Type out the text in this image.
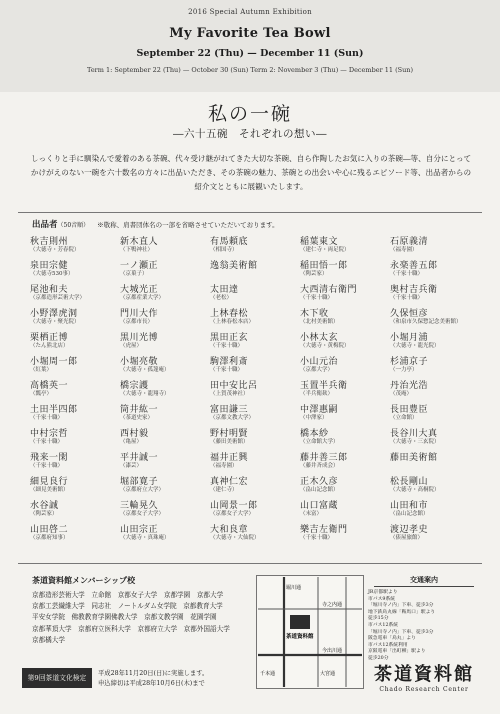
2016 Special Autumn Exhibition
My Favorite Tea Bowl
September 22 (Thu) — December 11 (Sun)
Term 1: September 22 (Thu) — October 30 (Sun) Term 2: November 3 (Thu) — December 11 (Sun)
私の一碗
―六十五碗　それぞれの想い―
しっくりと手に馴染んで愛着のある茶碗、代々受け継がれてきた大切な茶碗、自ら作陶したお気に入りの茶碗―等、自分にとってかけがえのない一碗を六十数名の方々に出品いただき、その茶碗の魅力、茶碗との出会いや心に残るエピソード等、出品者からの紹介文とともに展観いたします。
出品者（50音順） ※敬称、肩書団体名の一部を省略させていただいております。
秋吉則州
（大徳寺・芳春院）
泉田宗健
（大徳寺530事）
尾池和夫
（京都造形芸術大学）
小野澤虎洞
（大徳寺・聚光院）
栗栖正博
（たん熊北店）
小堀周一郎
（紅葉）
高橋英一
（瓢亭）
土田半四郎
（千家十職）
中村宗哲
（千家十職）
飛来一閑
（千家十職）
細見良行
（細見美術館）
水谷誠
（陶芸家）
山田啓二
（京都府知事）
新木直人
（下鴨神社）
一ノ瀬正
（京菓子）
大城光正
（京都産業大学）
門川大作
（京都市長）
黒川光博
（虎屋）
小堀亮敬
（大徳寺・孤篷庵）
橋宗護
（大徳寺・龍翔寺）
筒井紘一
（茶道史家）
西村毅
（亀屋）
平井誠一
（漆芸）
堀部寛子
（京都府立大学）
三輪晃久
（京都女子大学）
山田宗正
（大徳寺・真珠庵）
有馬頼底
（相国寺）
逸翁美術館
太田達
（老松）
上林春松
（上林春松本店）
黒田正玄
（千家十職）
駒澤利斎
（千家十職）
田中安比呂
（上賀茂神社）
富田謙三
（京都文教大学）
野村明賢
（藤田美術館）
福井正興
（福寿園）
真神仁宏
（建仁寺）
山岡景一郎
（京都女子大学）
大和良章
（大徳寺・大仙院）
稲葉東文
（建仁寺・両足院）
稲田悟一郎
（陶芸家）
大西清右衛門
（千家十職）
木下收
（北村美術館）
小林太玄
（大徳寺・黄梅院）
小山元治
（京都大学）
玉置半兵衛
（半兵衛麸）
中澤惠嗣
（中澤家）
橋本紗
（立命館大学）
藤井善三郎
（藤井斉成会）
正木久彦
（畠山記念館）
山口富蔵
（末富）
樂吉左衛門
（千家十職）
石原義清
（福寿園）
永楽善五郎
（千家十職）
奥村吉兵衛
（千家十職）
久保恒彦
（和泉市久保惣記念美術館）
小堀月浦
（大徳寺・龍光院）
杉浦京子
（一力亭）
丹治光浩
（茂庵）
長田豊臣
（立命館）
長谷川大真
（大徳寺・三玄院）
藤田美術館
松長剛山
（大徳寺・高桐院）
山田和市
（畠山記念館）
渡辺孝史
（俵屋旅館）
茶道資料館メンバーシップ校
京都造形芸術大学　立命館　京都女子大学　京都学園　京都大学
京都工芸繊維大学　同志社　ノートルダム女学院　京都教育大学
平安女学院　佛教教育学園佛教大学　京都文教学園　花園学園
京都華頂大学　京都府立医科大学　京都府立大学　京都外国語大学
京都橘大学
第9回茶道文化検定
平成28年11月20日(日)に実施します。
申込締切は平成28年10月6日(木)まで
堀川通
寺之内通
茶道資料館
今出川通
大宮通
千本通
交通案内
JR京都駅より
市バス9系統
「堀川寺ノ内」下車、徒歩3分
地下鉄烏丸線「鞍馬口」駅より
徒歩15分
市バス12系統
「堀川寺ノ内」下車、徒歩3分
阪急電車「烏丸」より
市バス12系統利用
京阪電車「出町柳」駅より
徒歩20分
茶道資料館
Chado Research Center
